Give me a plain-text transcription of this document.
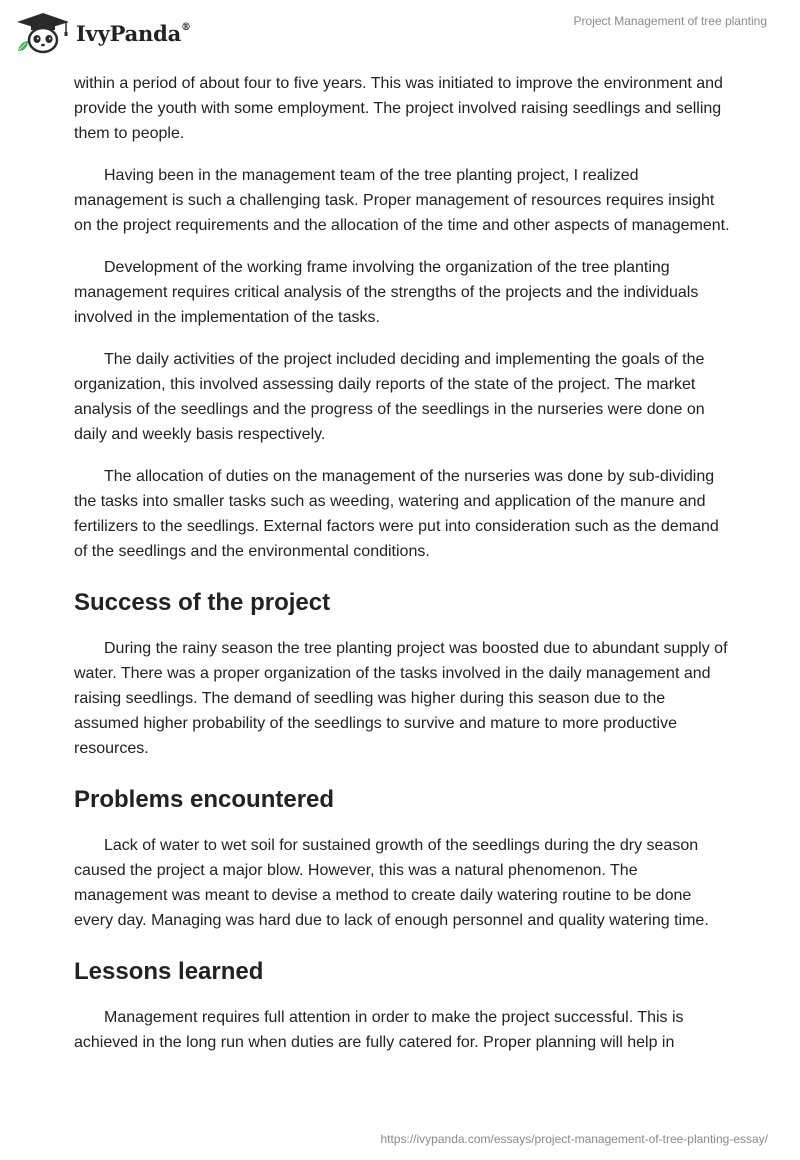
IvyPanda®	Project Management of tree planting

within a period of about four to five years. This was initiated to improve the environment and provide the youth with some employment. The project involved raising seedlings and selling them to people.

Having been in the management team of the tree planting project, I realized management is such a challenging task. Proper management of resources requires insight on the project requirements and the allocation of the time and other aspects of management.

Development of the working frame involving the organization of the tree planting management requires critical analysis of the strengths of the projects and the individuals involved in the implementation of the tasks.

The daily activities of the project included deciding and implementing the goals of the organization, this involved assessing daily reports of the state of the project. The market analysis of the seedlings and the progress of the seedlings in the nurseries were done on daily and weekly basis respectively.

The allocation of duties on the management of the nurseries was done by sub-dividing the tasks into smaller tasks such as weeding, watering and application of the manure and fertilizers to the seedlings. External factors were put into consideration such as the demand of the seedlings and the environmental conditions.

Success of the project

During the rainy season the tree planting project was boosted due to abundant supply of water. There was a proper organization of the tasks involved in the daily management and raising seedlings. The demand of seedling was higher during this season due to the assumed higher probability of the seedlings to survive and mature to more productive resources.

Problems encountered

Lack of water to wet soil for sustained growth of the seedlings during the dry season caused the project a major blow. However, this was a natural phenomenon. The management was meant to devise a method to create daily watering routine to be done every day. Managing was hard due to lack of enough personnel and quality watering time.

Lessons learned

Management requires full attention in order to make the project successful. This is achieved in the long run when duties are fully catered for. Proper planning will help in

https://ivypanda.com/essays/project-management-of-tree-planting-essay/
